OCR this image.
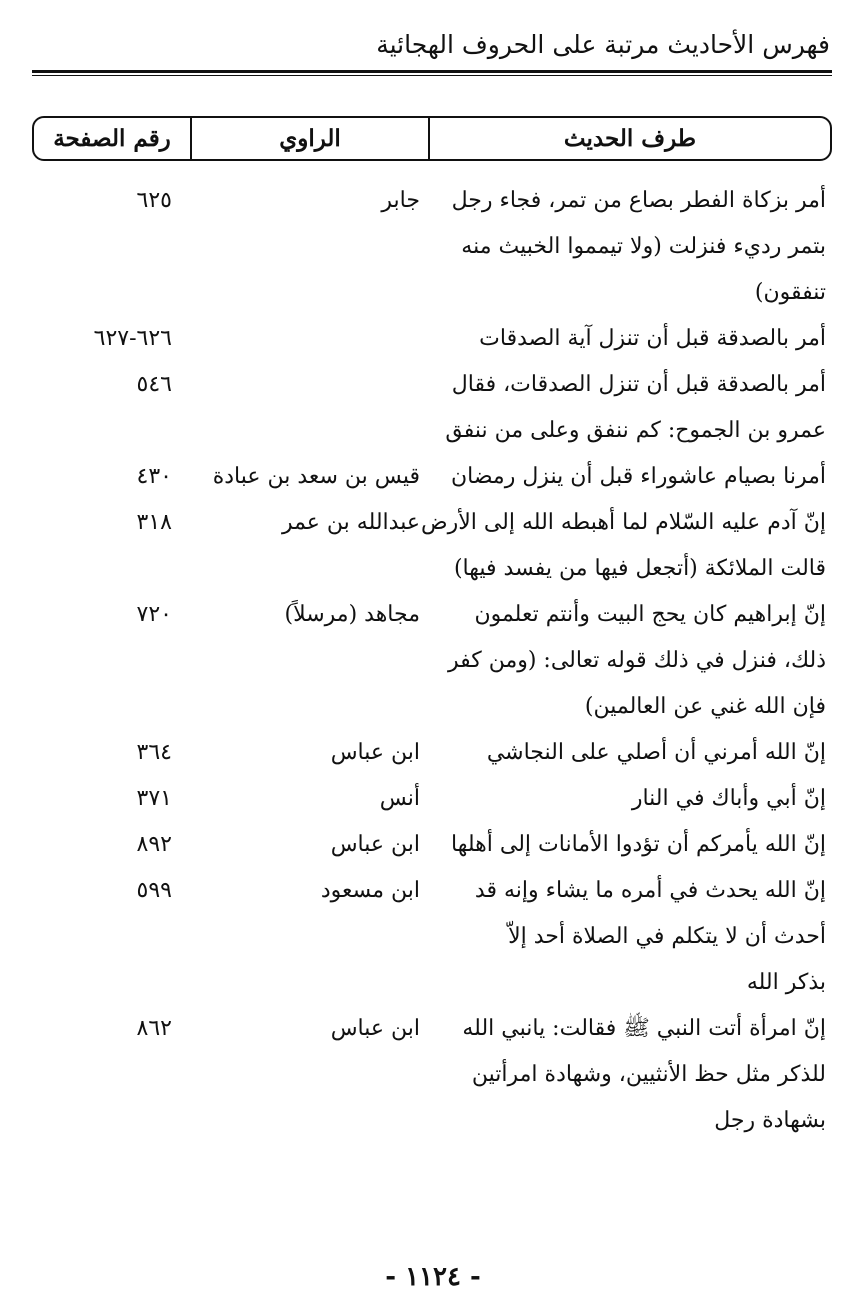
فهرس الأحاديث مرتبة على الحروف الهجائية
طرف الحديث
الراوي
رقم الصفحة
أمر بزكاة الفطر بصاع من تمر، فجاء رجل
بتمر رديء فنزلت (ولا تيمموا الخبيث منه
تنفقون)
جابر
٦٢٥
أمر بالصدقة قبل أن تنزل آية الصدقات
٦٢٦-٦٢٧
أمر بالصدقة قبل أن تنزل الصدقات، فقال
عمرو بن الجموح: كم ننفق وعلى من ننفق
٥٤٦
أمرنا بصيام عاشوراء قبل أن ينزل رمضان
قيس بن سعد بن عبادة
٤٣٠
إنّ آدم عليه السّلام لما أهبطه الله إلى الأرض
قالت الملائكة (أتجعل فيها من يفسد فيها)
عبدالله بن عمر
٣١٨
إنّ إبراهيم كان يحج البيت وأنتم تعلمون
ذلك، فنزل في ذلك قوله تعالى: (ومن كفر
فإن الله غني عن العالمين)
مجاهد (مرسلاً)
٧٢٠
إنّ الله أمرني أن أصلي على النجاشي
ابن عباس
٣٦٤
إنّ أبي وأباك في النار
أنس
٣٧١
إنّ الله يأمركم أن تؤدوا الأمانات إلى أهلها
ابن عباس
٨٩٢
إنّ الله يحدث في أمره ما يشاء وإنه قد
أحدث أن لا يتكلم في الصلاة أحد إلاّ
بذكر الله
ابن مسعود
٥٩٩
إنّ امرأة أتت النبي ﷺ فقالت: يانبي الله
للذكر مثل حظ الأنثيين، وشهادة امرأتين
بشهادة رجل
ابن عباس
٨٦٢
- ١١٢٤ -
